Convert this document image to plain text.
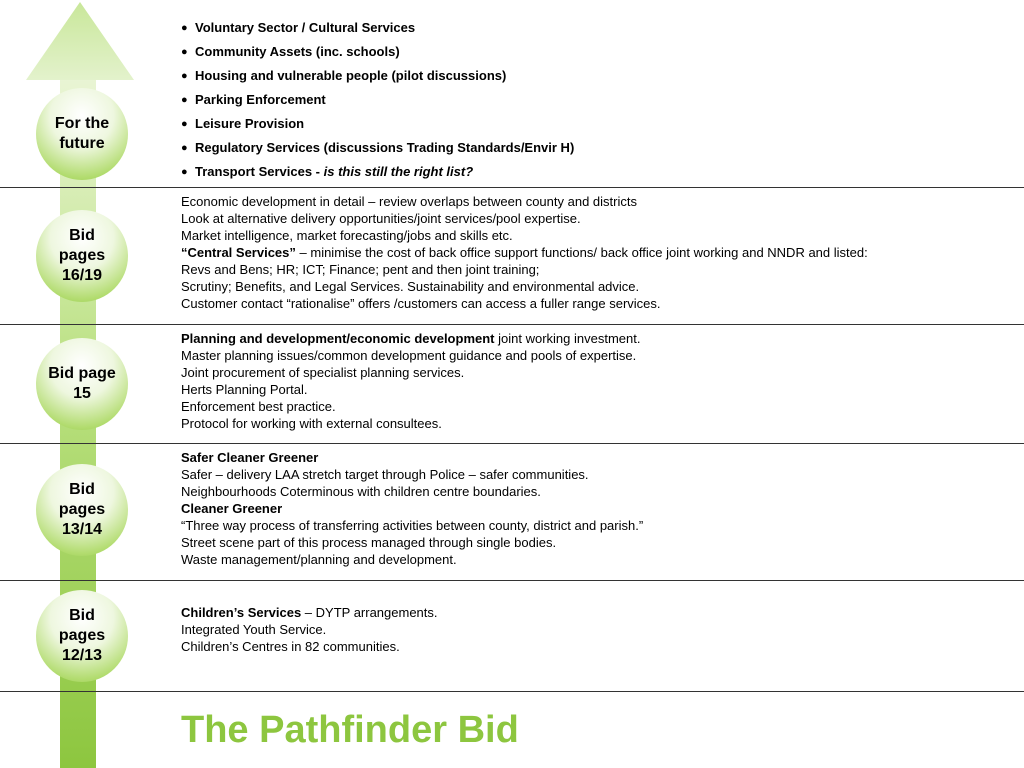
For the
future
Bid
pages
16/19
Bid page
15
Bid
pages
13/14
Bid
pages
12/13
● Voluntary Sector / Cultural Services
● Community Assets (inc. schools)
● Housing and vulnerable people (pilot discussions)
● Parking Enforcement
● Leisure Provision
● Regulatory Services (discussions Trading Standards/Envir H)
● Transport Services - is this still the right list?
Economic development in detail – review overlaps between county and districts
Look at alternative delivery opportunities/joint services/pool expertise.
Market intelligence, market forecasting/jobs and skills etc.
“Central Services” – minimise the cost of back office support functions/ back office joint working and NNDR and listed:
Revs and Bens; HR; ICT; Finance; pent and then joint training;
Scrutiny; Benefits, and Legal Services. Sustainability and environmental advice.
Customer contact “rationalise” offers /customers can access a fuller range services.
Planning and development/economic development joint working investment.
Master planning issues/common development guidance and pools of expertise.
Joint procurement of specialist planning services.
Herts Planning Portal.
Enforcement best practice.
Protocol for working with external consultees.
Safer Cleaner Greener
Safer – delivery LAA stretch target through Police – safer communities.
Neighbourhoods Coterminous with children centre boundaries.
Cleaner Greener
“Three way process of transferring activities between county, district and parish.”
Street scene part of this process managed through single bodies.
Waste management/planning and development.
Children’s Services – DYTP arrangements.
Integrated Youth Service.
Children’s Centres in 82 communities.
The Pathfinder Bid
